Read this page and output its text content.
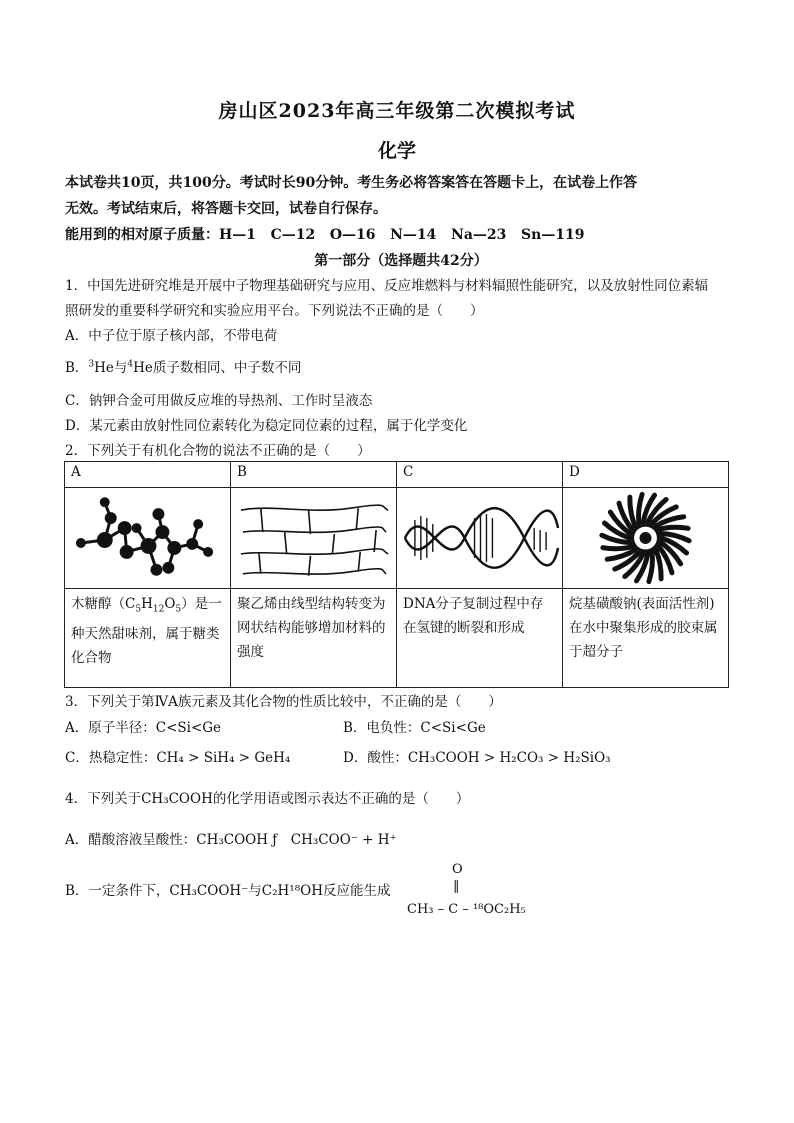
房山区2023年高三年级第二次模拟考试
化学
本试卷共10页，共100分。考试时长90分钟。考生务必将答案答在答题卡上，在试卷上作答
无效。考试结束后，将答题卡交回，试卷自行保存。
能用到的相对原子质量：H—1   C—12   O—16   N—14   Na—23   Sn—119
第一部分（选择题共42分）
1．中国先进研究堆是开展中子物理基础研究与应用、反应堆燃料与材料辐照性能研究，以及放射性同位素辐
照研发的重要科学研究和实验应用平台。下列说法不正确的是（　　）
A．中子位于原子核内部，不带电荷
B．$^3$He与$^4$He质子数相同、中子数不同
C．钠钾合金可用做反应堆的导热剂、工作时呈液态
D．某元素由放射性同位素转化为稳定同位素的过程，属于化学变化
2．下列关于有机化合物的说法不正确的是（　　）
A	B	C	D

木糖醇$(C_5H_{12}O_5)$是一种天然甜味剂，属于糖类化合物	聚乙烯由线型结构转变为网状结构能够增加材料的强度	DNA分子复制过程中存在氢键的断裂和形成	烷基磺酸钠(表面活性剂)在水中聚集形成的胶束属于超分子
3．下列关于第ⅣA族元素及其化合物的性质比较中，不正确的是（　　）
A．原子半径：C<Si<Ge	B．电负性：C<Si<Ge
C．热稳定性：CH₄ > SiH₄ > GeH₄	D．酸性：CH₃COOH > H₂CO₃ > H₂SiO₃
4．下列关于CH₃COOH的化学用语或图示表达不正确的是（　　）
A．醋酸溶液呈酸性：CH₃COOH ƒ　CH₃COO⁻ + H⁺
B．一定条件下，CH₃COOH⁻与C₂H¹⁸OH反应能生成
O
‖
CH₃ – C – ¹⁸OC₂H₅
